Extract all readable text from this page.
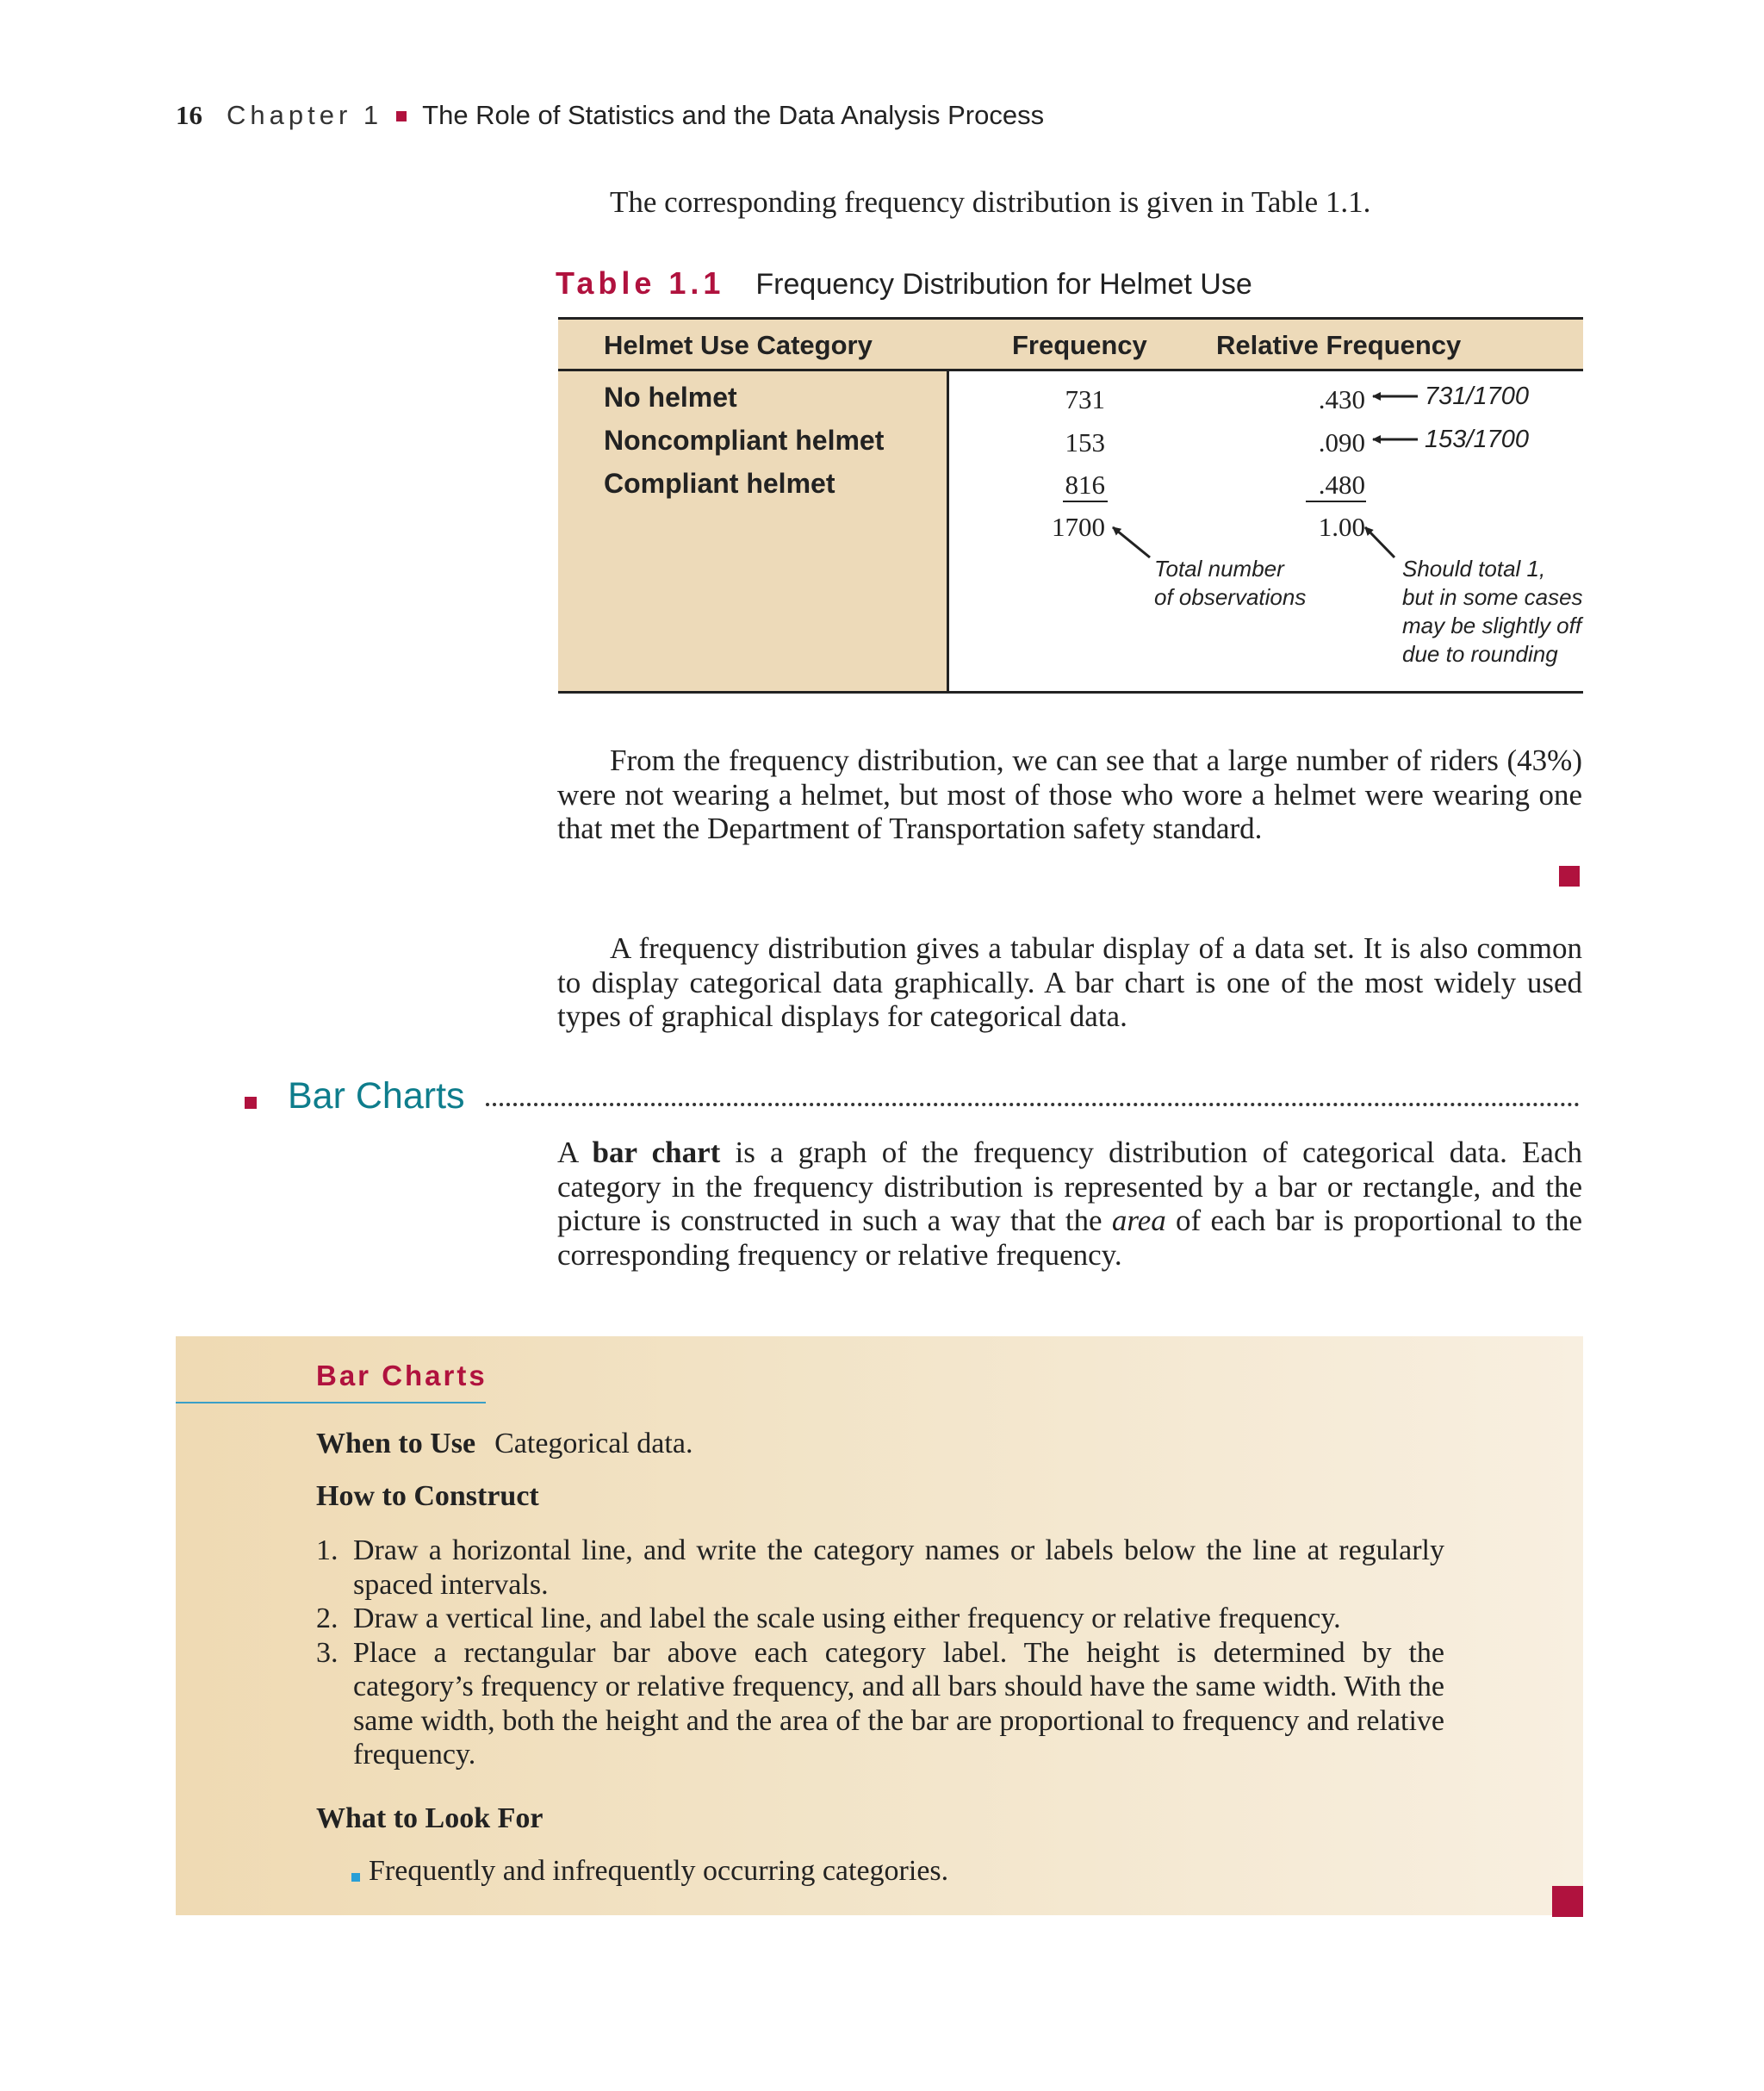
16 Chapter 1 The Role of Statistics and the Data Analysis Process
The corresponding frequency distribution is given in Table 1.1.
Table 1.1 Frequency Distribution for Helmet Use
Helmet Use Category	Frequency	Relative Frequency
No helmet
Noncompliant helmet
Compliant helmet
731
153
816
1700
.430
.090
.480
1.00
731/1700
153/1700
Total number
of observations
Should total 1,
but in some cases
may be slightly off
due to rounding
From the frequency distribution, we can see that a large number of riders (43%) were not wearing a helmet, but most of those who wore a helmet were wearing one that met the Department of Transportation safety standard.
A frequency distribution gives a tabular display of a data set. It is also common to display categorical data graphically. A bar chart is one of the most widely used types of graphical displays for categorical data.
Bar Charts
A bar chart is a graph of the frequency distribution of categorical data. Each category in the frequency distribution is represented by a bar or rectangle, and the picture is constructed in such a way that the area of each bar is proportional to the corresponding frequency or relative frequency.
Bar Charts
When to Use Categorical data.
How to Construct
1. Draw a horizontal line, and write the category names or labels below the line at regularly spaced intervals.
2. Draw a vertical line, and label the scale using either frequency or relative frequency.
3. Place a rectangular bar above each category label. The height is determined by the category’s frequency or relative frequency, and all bars should have the same width. With the same width, both the height and the area of the bar are proportional to frequency and relative frequency.
What to Look For
Frequently and infrequently occurring categories.
